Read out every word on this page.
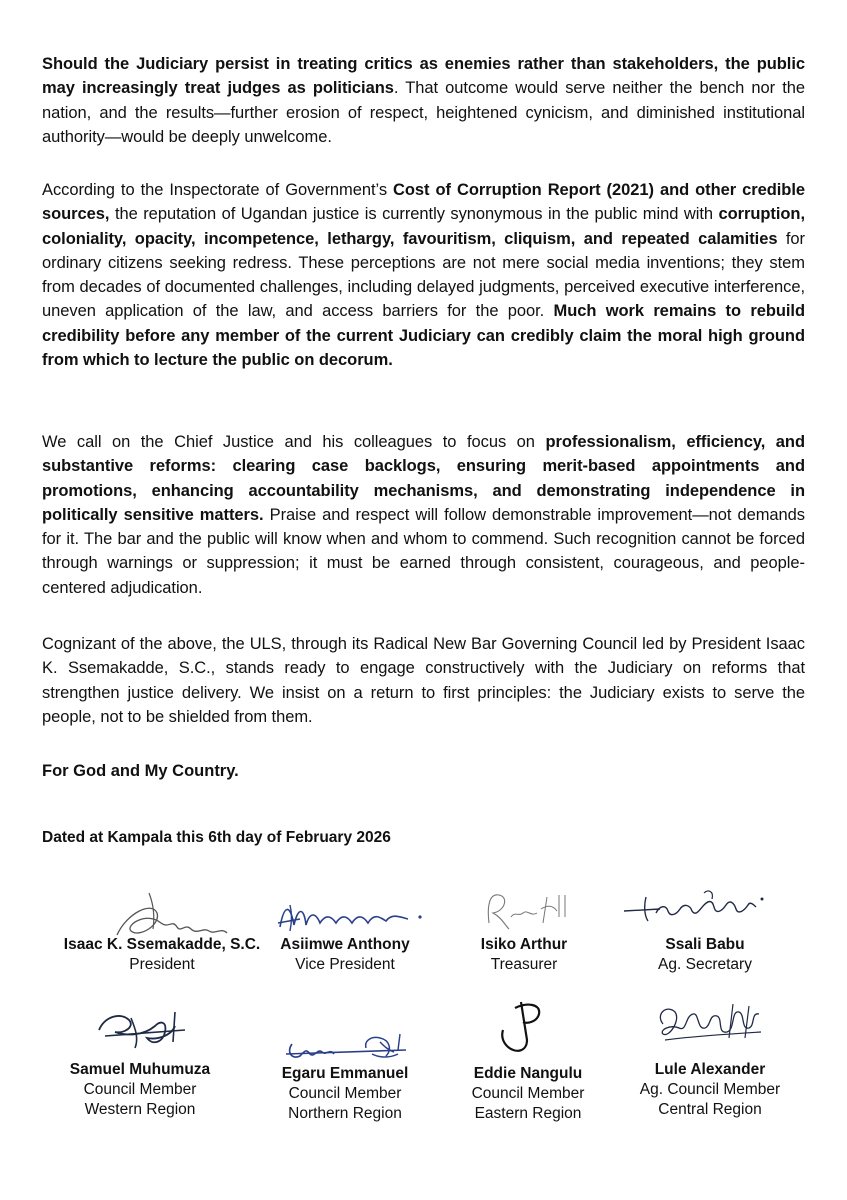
Should the Judiciary persist in treating critics as enemies rather than stakeholders, the public may increasingly treat judges as politicians. That outcome would serve neither the bench nor the nation, and the results—further erosion of respect, heightened cynicism, and diminished institutional authority—would be deeply unwelcome.

According to the Inspectorate of Government’s Cost of Corruption Report (2021) and other credible sources, the reputation of Ugandan justice is currently synonymous in the public mind with corruption, coloniality, opacity, incompetence, lethargy, favouritism, cliquism, and repeated calamities for ordinary citizens seeking redress. These perceptions are not mere social media inventions; they stem from decades of documented challenges, including delayed judgments, perceived executive interference, uneven application of the law, and access barriers for the poor. Much work remains to rebuild credibility before any member of the current Judiciary can credibly claim the moral high ground from which to lecture the public on decorum.

We call on the Chief Justice and his colleagues to focus on professionalism, efficiency, and substantive reforms: clearing case backlogs, ensuring merit-based appointments and promotions, enhancing accountability mechanisms, and demonstrating independence in politically sensitive matters. Praise and respect will follow demonstrable improvement—not demands for it. The bar and the public will know when and whom to commend. Such recognition cannot be forced through warnings or suppression; it must be earned through consistent, courageous, and people-centered adjudication.

Cognizant of the above, the ULS, through its Radical New Bar Governing Council led by President Isaac K. Ssemakadde, S.C., stands ready to engage constructively with the Judiciary on reforms that strengthen justice delivery. We insist on a return to first principles: the Judiciary exists to serve the people, not to be shielded from them.

For God and My Country.

Dated at Kampala this 6th day of February 2026

Isaac K. Ssemakadde, S.C.
President
Asiimwe Anthony
Vice President
Isiko Arthur
Treasurer
Ssali Babu
Ag. Secretary
Samuel Muhumuza
Council Member
Western Region
Egaru Emmanuel
Council Member
Northern Region
Eddie Nangulu
Council Member
Eastern Region
Lule Alexander
Ag. Council Member
Central Region
